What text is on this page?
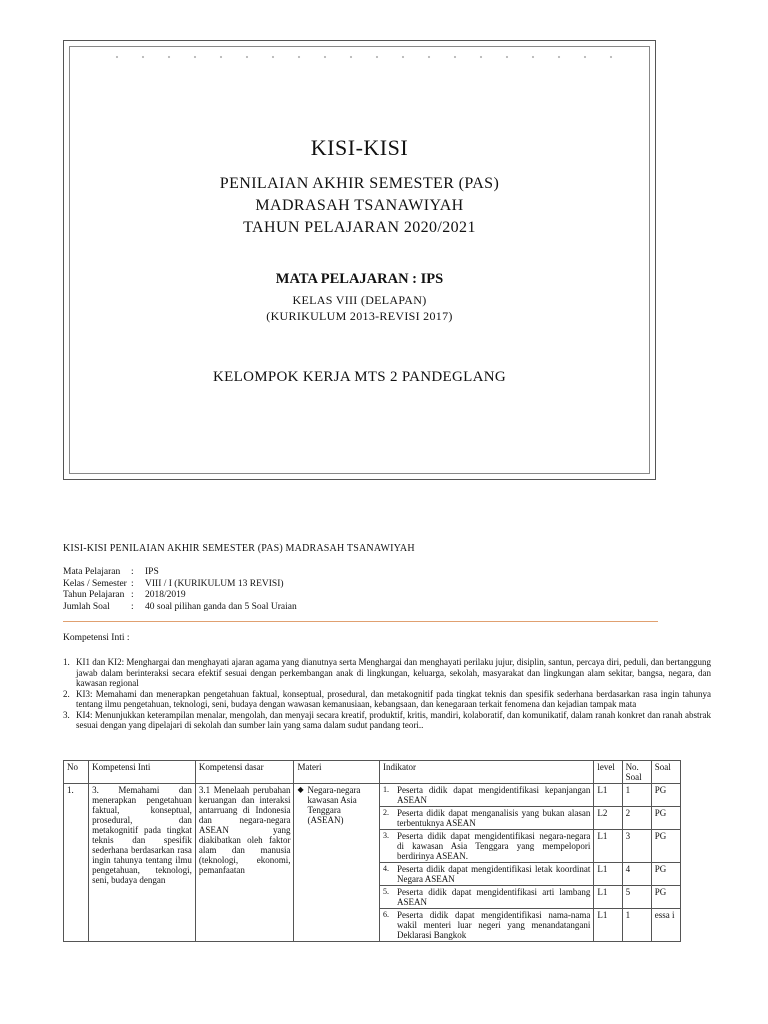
KISI-KISI
PENILAIAN AKHIR SEMESTER (PAS)
MADRASAH TSANAWIYAH
TAHUN PELAJARAN 2020/2021
MATA PELAJARAN : IPS
KELAS VIII (DELAPAN)
(KURIKULUM 2013-REVISI 2017)
KELOMPOK KERJA MTS 2 PANDEGLANG
KISI-KISI PENILAIAN AKHIR SEMESTER (PAS) MADRASAH TSANAWIYAH
Mata Pelajaran	:	IPS
Kelas / Semester :	VIII / I (KURIKULUM 13 REVISI)
Tahun Pelajaran :	2018/2019
Jumlah Soal	:	40 soal pilihan ganda dan 5 Soal Uraian
Kompetensi Inti :
1. KI1 dan KI2: Menghargai dan menghayati ajaran agama yang dianutnya serta Menghargai dan menghayati perilaku jujur, disiplin, santun, percaya diri, peduli, dan bertanggung jawab dalam berinteraksi secara efektif sesuai dengan perkembangan anak di lingkungan, keluarga, sekolah, masyarakat dan lingkungan alam sekitar, bangsa, negara, dan kawasan regional
2. KI3: Memahami dan menerapkan pengetahuan faktual, konseptual, prosedural, dan metakognitif pada tingkat teknis dan spesifik sederhana berdasarkan rasa ingin tahunya tentang ilmu pengetahuan, teknologi, seni, budaya dengan wawasan kemanusiaan, kebangsaan, dan kenegaraan terkait fenomena dan kejadian tampak mata
3. KI4: Menunjukkan keterampilan menalar, mengolah, dan menyaji secara kreatif, produktif, kritis, mandiri, kolaboratif, dan komunikatif, dalam ranah konkret dan ranah abstrak sesuai dengan yang dipelajari di sekolah dan sumber lain yang sama dalam sudut pandang teori..
No	Kompetensi Inti	Kompetensi dasar	Materi	Indikator	level	No. Soal	Soal
1.	3. Memahami dan menerapkan pengetahuan faktual, konseptual, prosedural, dan metakognitif pada tingkat teknis dan spesifik sederhana berdasarkan rasa ingin tahunya tentang ilmu pengetahuan, teknologi, seni, budaya dengan	3.1 Menelaah perubahan keruangan dan interaksi antarruang di Indonesia dan negara-negara ASEAN yang diakibatkan oleh faktor alam dan manusia (teknologi, ekonomi, pemanfaatan	◆ Negara-negara kawasan Asia Tenggara (ASEAN)	1. Peserta didik dapat mengidentifikasi kepanjangan ASEAN	L1	1	PG

				2. Peserta didik dapat menganalisis yang bukan alasan terbentuknya ASEAN	L2	2	PG

				3. Peserta didik dapat mengidentifikasi negara-negara di kawasan Asia Tenggara yang mempelopori berdirinya ASEAN.	L1	3	PG

				4. Peserta didik dapat mengidentifikasi letak koordinat Negara ASEAN	L1	4	PG

				5. Peserta didik dapat mengidentifikasi arti lambang ASEAN	L1	5	PG

				6. Peserta didik dapat mengidentifikasi nama-nama wakil menteri luar negeri yang menandatangani Deklarasi Bangkok	L1	1	essa i
